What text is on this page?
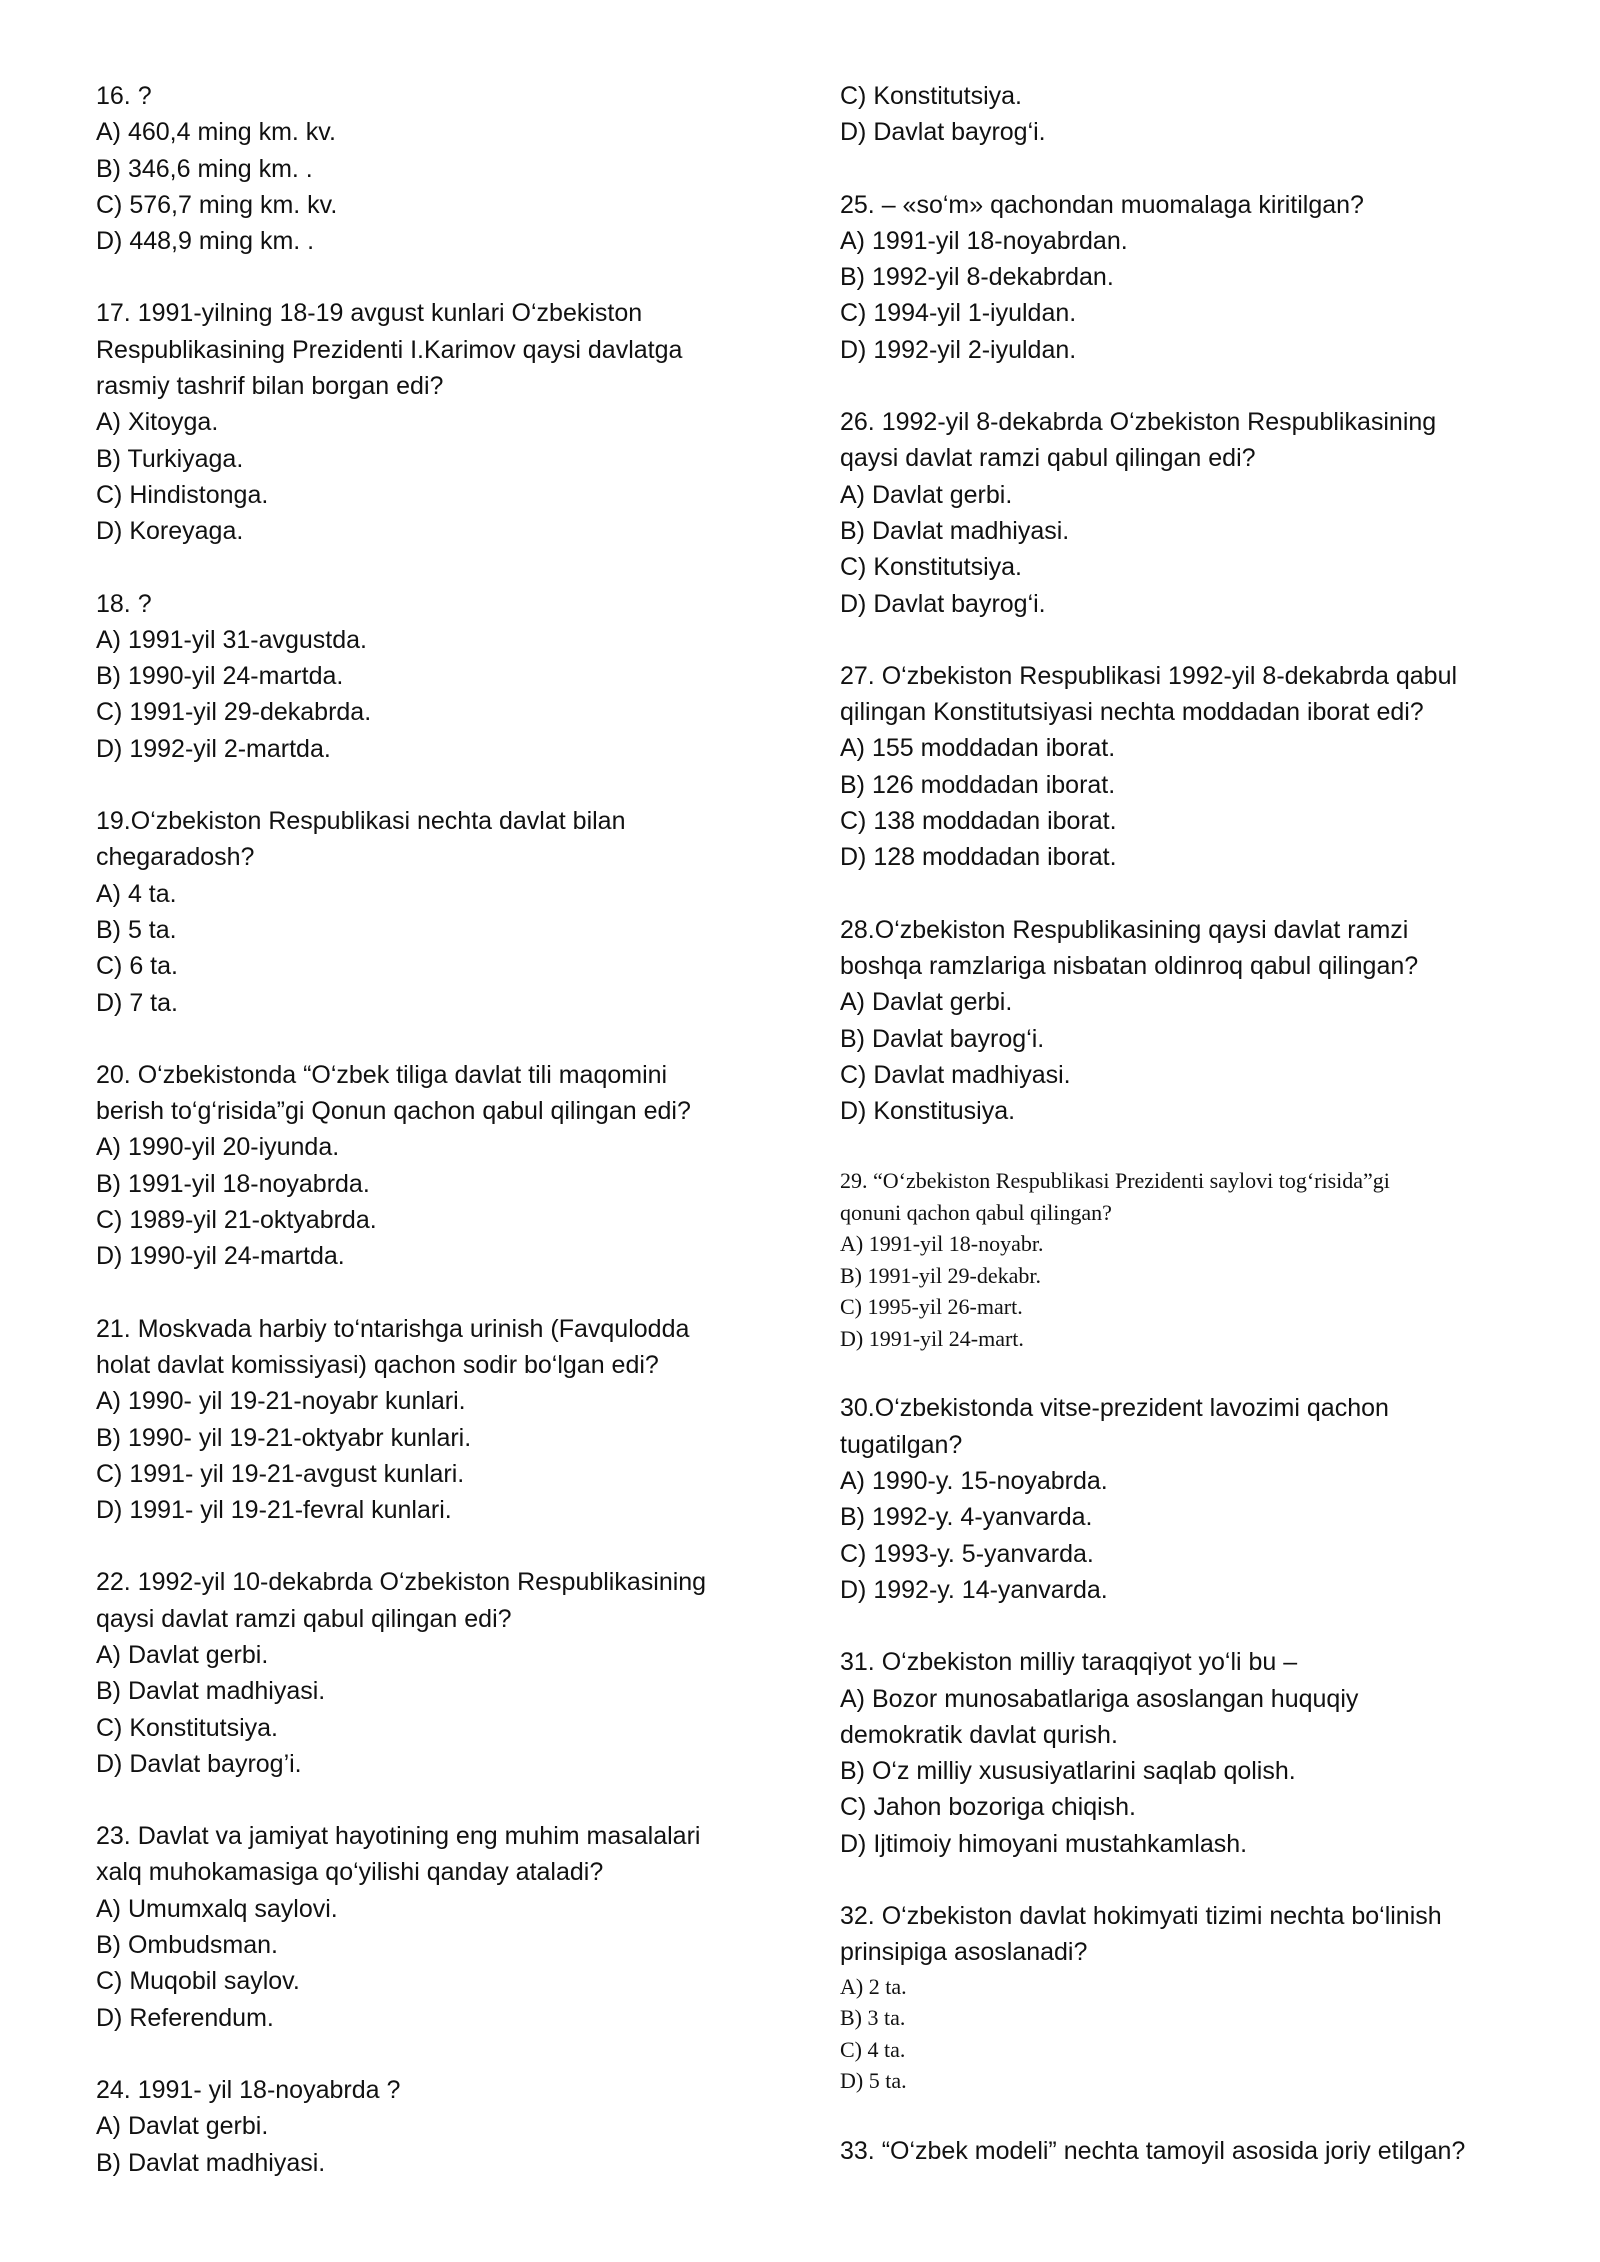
16. ?
A) 460,4 ming km. kv.
B) 346,6 ming km. .
C) 576,7 ming km. kv.
D) 448,9 ming km. .
17. 1991-yilning 18-19 avgust kunlari O‘zbekiston
Respublikasining Prezidenti I.Karimov qaysi davlatga
rasmiy tashrif bilan borgan edi?
A) Xitoyga.
B) Turkiyaga.
C) Hindistonga.
D) Koreyaga.
18. ?
A) 1991-yil 31-avgustda.
B) 1990-yil 24-martda.
C) 1991-yil 29-dekabrda.
D) 1992-yil 2-martda.
19.O‘zbekiston Respublikasi nechta davlat bilan
chegaradosh?
A) 4 ta.
B) 5 ta.
C) 6 ta.
D) 7 ta.
20. O‘zbekistonda “O‘zbek tiliga davlat tili maqomini
berish to‘g‘risida”gi Qonun qachon qabul qilingan edi?
A) 1990-yil 20-iyunda.
B) 1991-yil 18-noyabrda.
C) 1989-yil 21-oktyabrda.
D) 1990-yil 24-martda.
21. Moskvada harbiy to‘ntarishga urinish (Favqulodda
holat davlat komissiyasi) qachon sodir bo‘lgan edi?
A) 1990- yil 19-21-noyabr kunlari.
B) 1990- yil 19-21-oktyabr kunlari.
C) 1991- yil 19-21-avgust kunlari.
D) 1991- yil 19-21-fevral kunlari.
22. 1992-yil 10-dekabrda O‘zbekiston Respublikasining
qaysi davlat ramzi qabul qilingan edi?
A) Davlat gerbi.
B) Davlat madhiyasi.
C) Konstitutsiya.
D) Davlat bayrog’i.
23. Davlat va jamiyat hayotining eng muhim masalalari
xalq muhokamasiga qo‘yilishi qanday ataladi?
A) Umumxalq saylovi.
B) Ombudsman.
C) Muqobil saylov.
D) Referendum.
24. 1991- yil 18-noyabrda ?
A) Davlat gerbi.
B) Davlat madhiyasi.
C) Konstitutsiya.
D) Davlat bayrog‘i.
25. – «so‘m» qachondan muomalaga kiritilgan?
A) 1991-yil 18-noyabrdan.
B) 1992-yil 8-dekabrdan.
C) 1994-yil 1-iyuldan.
D) 1992-yil 2-iyuldan.
26. 1992-yil 8-dekabrda O‘zbekiston Respublikasining
qaysi davlat ramzi qabul qilingan edi?
A) Davlat gerbi.
B) Davlat madhiyasi.
C) Konstitutsiya.
D) Davlat bayrog‘i.
27. O‘zbekiston Respublikasi 1992-yil 8-dekabrda qabul
qilingan Konstitutsiyasi nechta moddadan iborat edi?
A) 155 moddadan iborat.
B) 126 moddadan iborat.
C) 138 moddadan iborat.
D) 128 moddadan iborat.
28.O‘zbekiston Respublikasining qaysi davlat ramzi
boshqa ramzlariga nisbatan oldinroq qabul qilingan?
A) Davlat gerbi.
B) Davlat bayrog‘i.
C) Davlat madhiyasi.
D) Konstitusiya.
29. “O‘zbekiston Respublikasi Prezidenti saylovi tog‘risida”gi
qonuni qachon qabul qilingan?
A) 1991-yil 18-noyabr.
B) 1991-yil 29-dekabr.
C) 1995-yil 26-mart.
D) 1991-yil 24-mart.
30.O‘zbekistonda vitse-prezident lavozimi qachon
tugatilgan?
A) 1990-y. 15-noyabrda.
B) 1992-y. 4-yanvarda.
C) 1993-y. 5-yanvarda.
D) 1992-y. 14-yanvarda.
31. O‘zbekiston milliy taraqqiyot yo‘li bu –
A) Bozor munosabatlariga asoslangan huquqiy
demokratik davlat qurish.
B) O‘z milliy xususiyatlarini saqlab qolish.
C) Jahon bozoriga chiqish.
D) Ijtimoiy himoyani mustahkamlash.
32. O‘zbekiston davlat hokimyati tizimi nechta bo‘linish
prinsipiga asoslanadi?
A) 2 ta.
B) 3 ta.
C) 4 ta.
D) 5 ta.
33. “O‘zbek modeli” nechta tamoyil asosida joriy etilgan?
